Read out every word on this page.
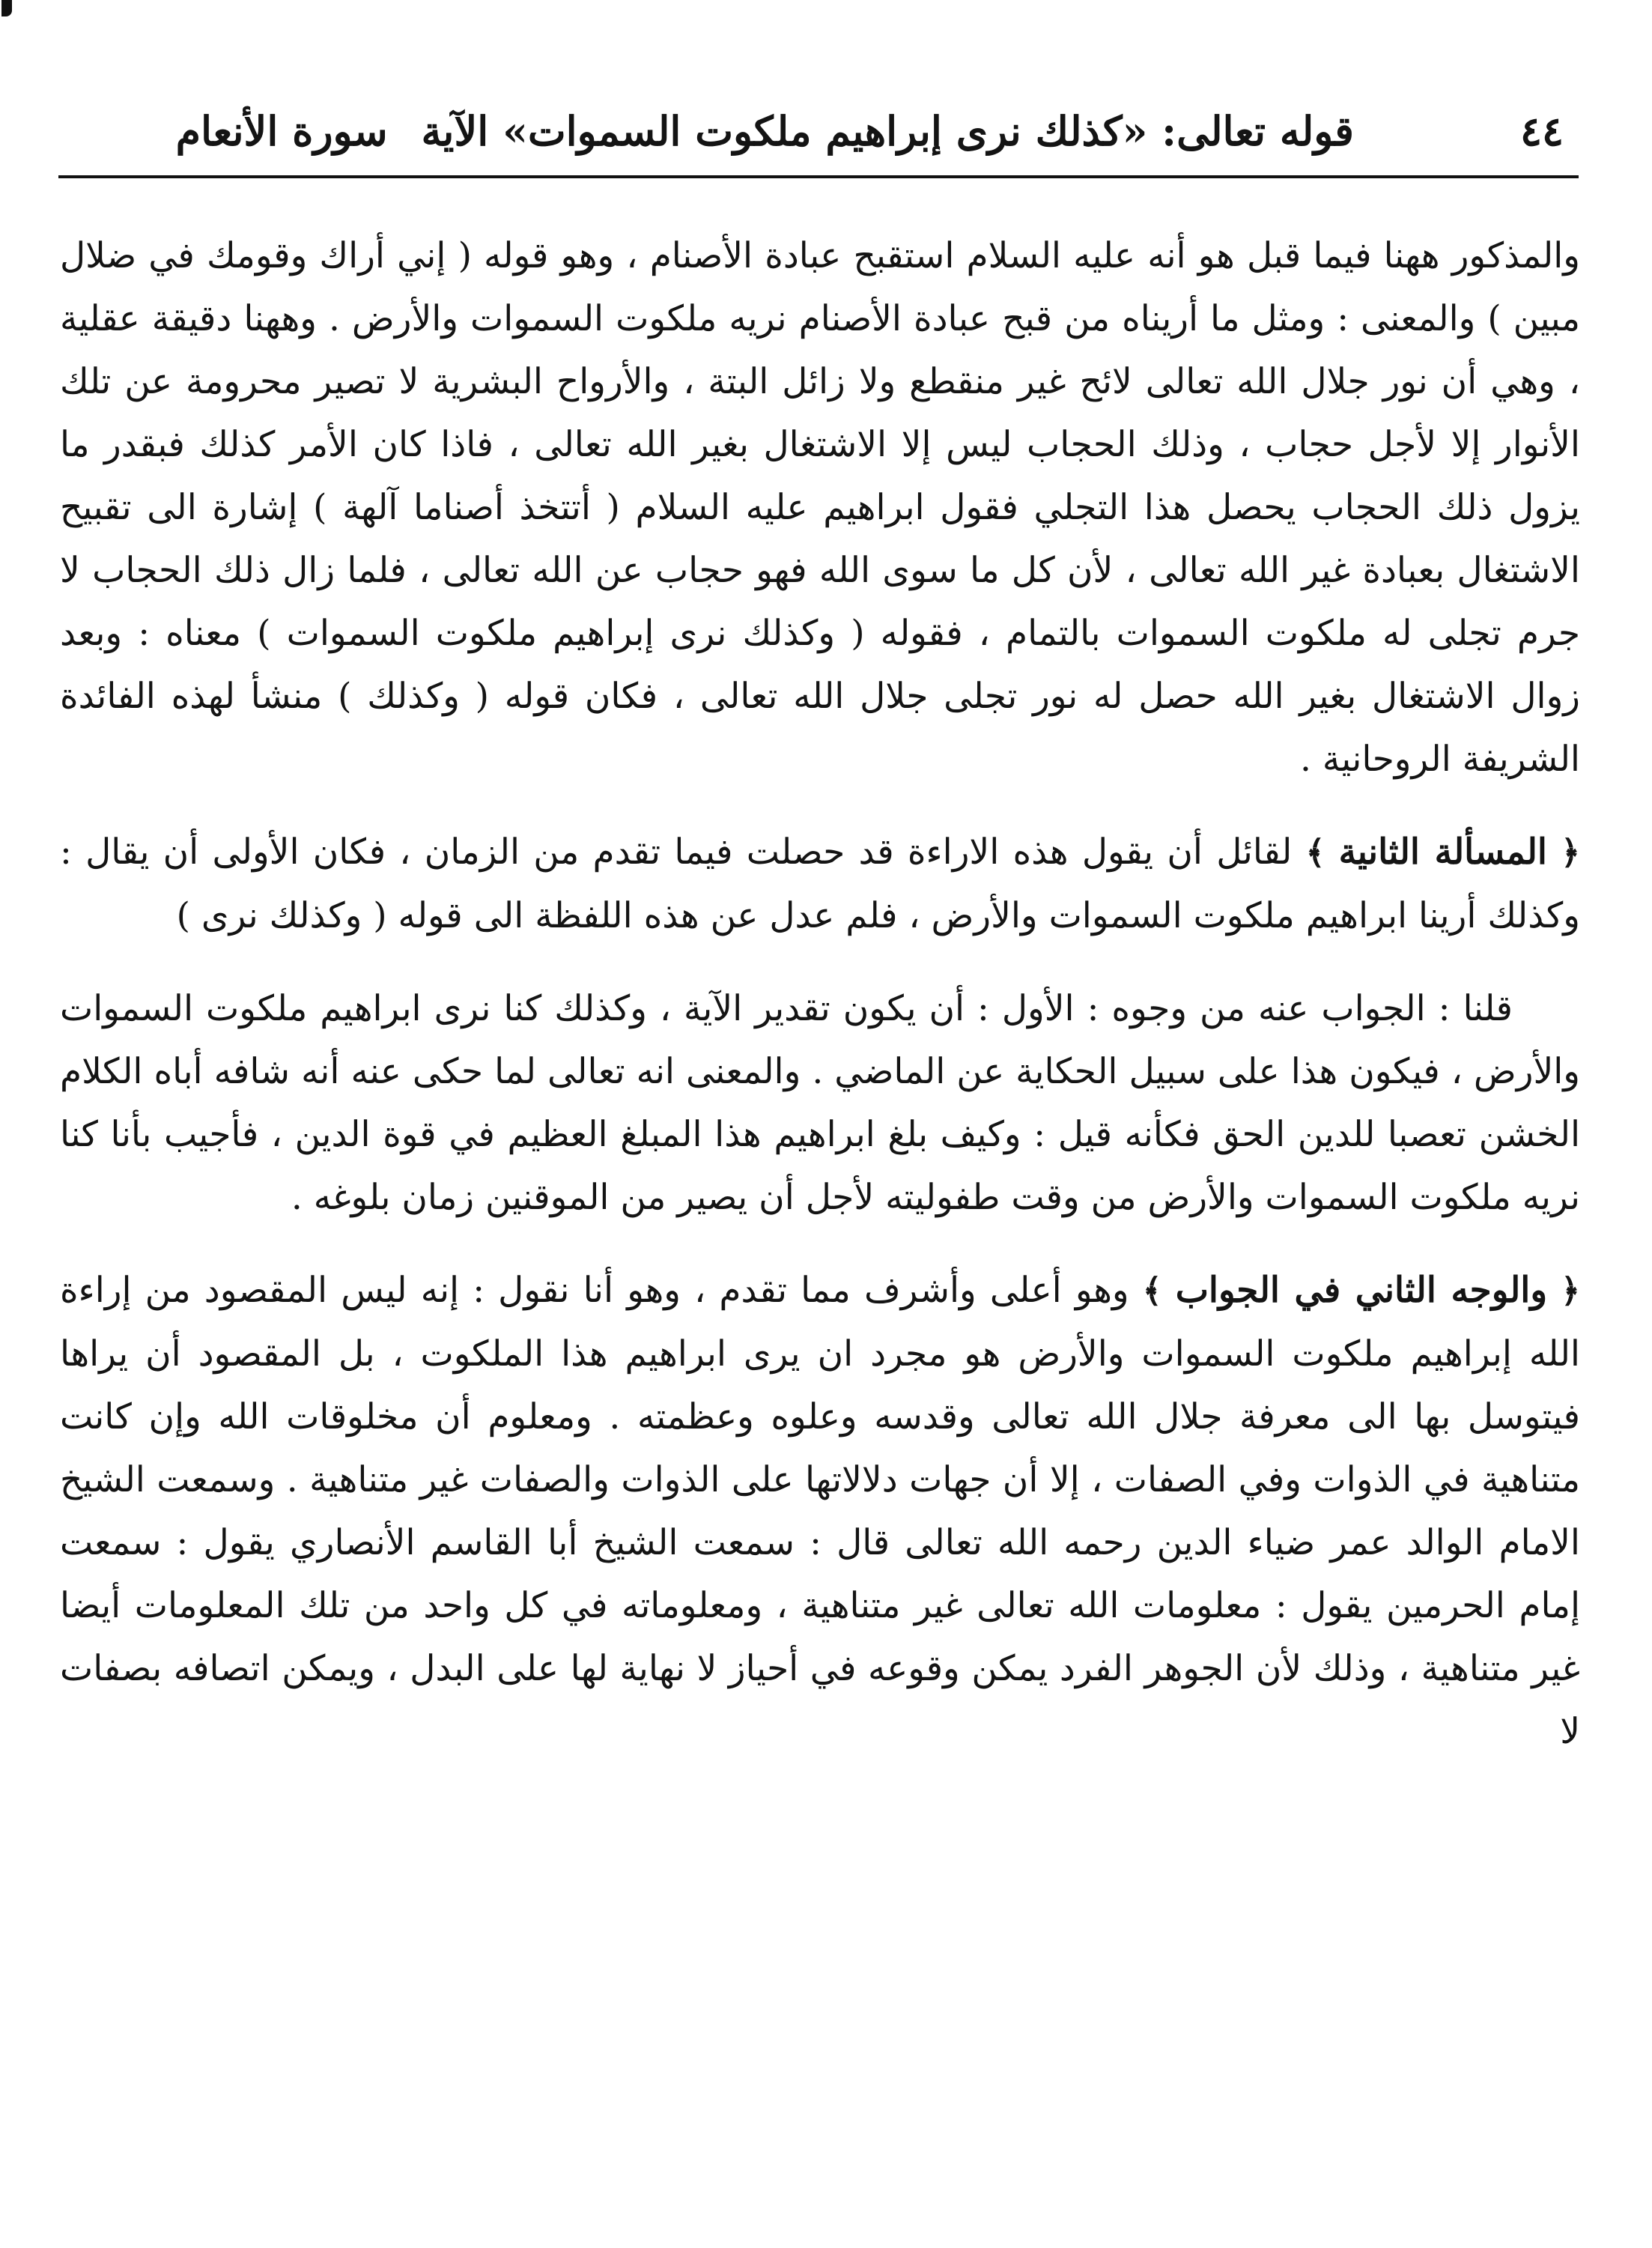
٤٤
قوله تعالى: «كذلك نرى إبراهيم ملكوت السموات» الآية سورة الأنعام

والمذكور ههنا فيما قبل هو أنه عليه السلام استقبح عبادة الأصنام ، وهو قوله ( إني أراك وقومك في ضلال مبين ) والمعنى : ومثل ما أريناه من قبح عبادة الأصنام نريه ملكوت السموات والأرض . وههنا دقيقة عقلية ، وهي أن نور جلال الله تعالى لائح غير منقطع ولا زائل البتة ، والأرواح البشرية لا تصير محرومة عن تلك الأنوار إلا لأجل حجاب ، وذلك الحجاب ليس إلا الاشتغال بغير الله تعالى ، فاذا كان الأمر كذلك فبقدر ما يزول ذلك الحجاب يحصل هذا التجلي فقول ابراهيم عليه السلام ( أتتخذ أصناما آلهة ) إشارة الى تقبيح الاشتغال بعبادة غير الله تعالى ، لأن كل ما سوى الله فهو حجاب عن الله تعالى ، فلما زال ذلك الحجاب لا جرم تجلى له ملكوت السموات بالتمام ، فقوله ( وكذلك نرى إبراهيم ملكوت السموات ) معناه : وبعد زوال الاشتغال بغير الله حصل له نور تجلى جلال الله تعالى ، فكان قوله ( وكذلك ) منشأ لهذه الفائدة الشريفة الروحانية .

﴿ المسألة الثانية ﴾ لقائل أن يقول هذه الاراءة قد حصلت فيما تقدم من الزمان ، فكان الأولى أن يقال : وكذلك أرينا ابراهيم ملكوت السموات والأرض ، فلم عدل عن هذه اللفظة الى قوله ( وكذلك نرى )

قلنا : الجواب عنه من وجوه : الأول : أن يكون تقدير الآية ، وكذلك كنا نرى ابراهيم ملكوت السموات والأرض ، فيكون هذا على سبيل الحكاية عن الماضي . والمعنى انه تعالى لما حكى عنه أنه شافه أباه الكلام الخشن تعصبا للدين الحق فكأنه قيل : وكيف بلغ ابراهيم هذا المبلغ العظيم في قوة الدين ، فأجيب بأنا كنا نريه ملكوت السموات والأرض من وقت طفوليته لأجل أن يصير من الموقنين زمان بلوغه .

﴿ والوجه الثاني في الجواب ﴾ وهو أعلى وأشرف مما تقدم ، وهو أنا نقول : إنه ليس المقصود من إراءة الله إبراهيم ملكوت السموات والأرض هو مجرد ان يرى ابراهيم هذا الملكوت ، بل المقصود أن يراها فيتوسل بها الى معرفة جلال الله تعالى وقدسه وعلوه وعظمته . ومعلوم أن مخلوقات الله وإن كانت متناهية في الذوات وفي الصفات ، إلا أن جهات دلالاتها على الذوات والصفات غير متناهية . وسمعت الشيخ الامام الوالد عمر ضياء الدين رحمه الله تعالى قال : سمعت الشيخ أبا القاسم الأنصاري يقول : سمعت إمام الحرمين يقول : معلومات الله تعالى غير متناهية ، ومعلوماته في كل واحد من تلك المعلومات أيضا غير متناهية ، وذلك لأن الجوهر الفرد يمكن وقوعه في أحياز لا نهاية لها على البدل ، ويمكن اتصافه بصفات لا
